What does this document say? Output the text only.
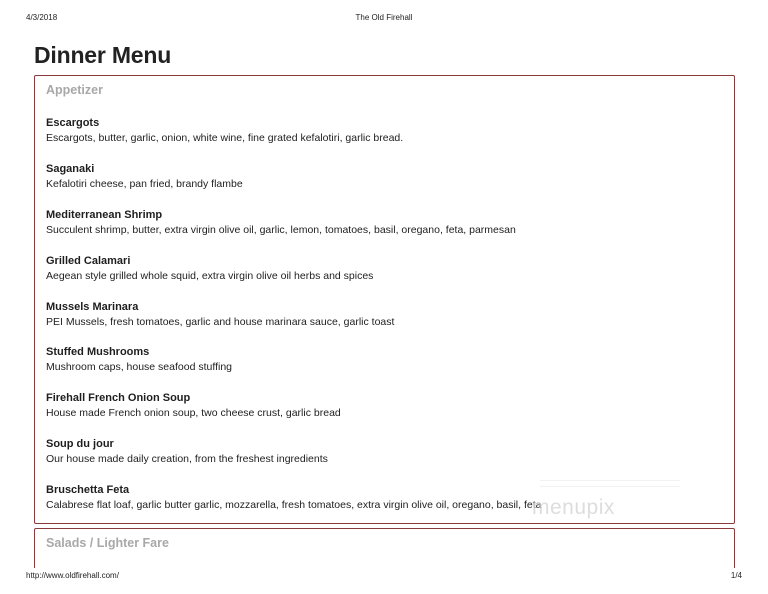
4/3/2018	The Old Firehall
Dinner Menu
Appetizer
Escargots
Escargots, butter, garlic, onion, white wine, fine grated kefalotiri, garlic bread.
Saganaki
Kefalotiri cheese, pan fried, brandy flambe
Mediterranean Shrimp
Succulent shrimp, butter, extra virgin olive oil, garlic, lemon, tomatoes, basil, oregano, feta, parmesan
Grilled Calamari
Aegean style grilled whole squid, extra virgin olive oil herbs and spices
Mussels Marinara
PEI Mussels, fresh tomatoes, garlic and house marinara sauce, garlic toast
Stuffed Mushrooms
Mushroom caps, house seafood stuffing
Firehall French Onion Soup
House made French onion soup, two cheese crust, garlic bread
Soup du jour
Our house made daily creation, from the freshest ingredients
Bruschetta Feta
Calabrese flat loaf, garlic butter garlic, mozzarella, fresh tomatoes, extra virgin olive oil, oregano, basil, feta
menupix
Salads / Lighter Fare
http://www.oldfirehall.com/	1/4
